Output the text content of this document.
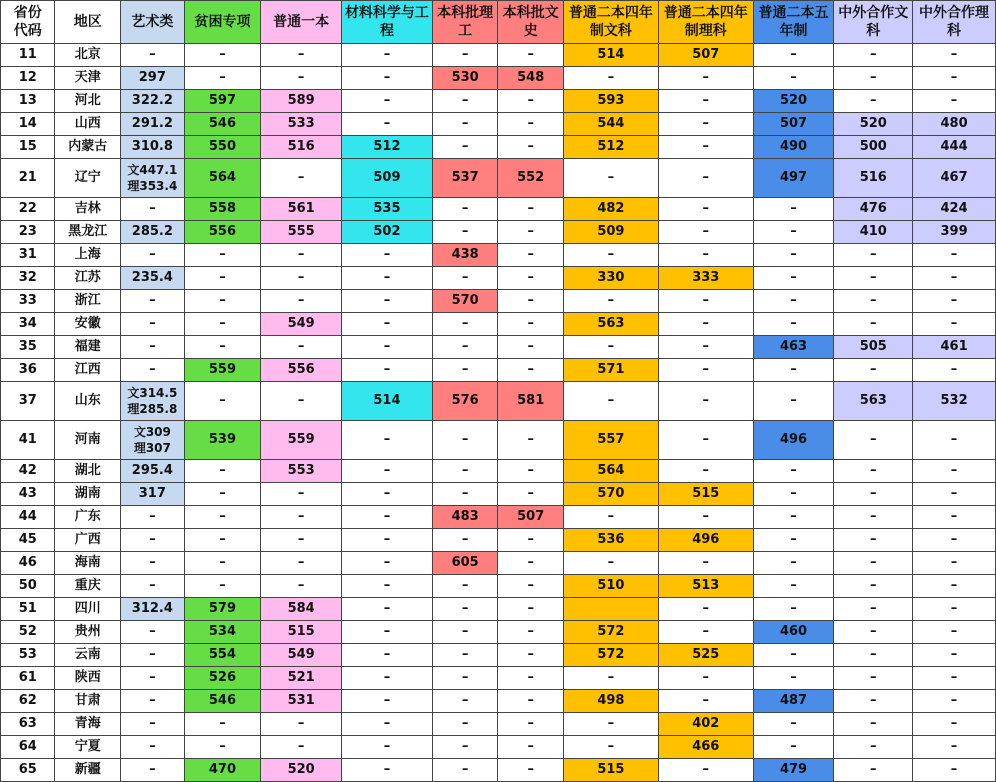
省份
代码	地区	艺术类	贫困专项	普通一本	材料科学与工程	本科批理工	本科批文史	普通二本四年制文科	普通二本四年制理科	普通二本五年制	中外合作文科	中外合作理科
11	北京	–	–	–	–	–	–	514	507	–	–	–
12	天津	297	–	–	–	530	548	–	–	–	–	–
13	河北	322.2	597	589	–	–	–	593	–	520	–	–
14	山西	291.2	546	533	–	–	–	544	–	507	520	480
15	内蒙古	310.8	550	516	512	–	–	512	–	490	500	444
21	辽宁	文447.1
理353.4	564	–	509	537	552	–	–	497	516	467
22	吉林	–	558	561	535	–	–	482	–	–	476	424
23	黑龙江	285.2	556	555	502	–	–	509	–	–	410	399
31	上海	–	–	–	–	438	–	–	–	–	–	–
32	江苏	235.4	–	–	–	–	–	330	333	–	–	–
33	浙江	–	–	–	–	570	–	–	–	–	–	–
34	安徽	–	–	549	–	–	–	563	–	–	–	–
35	福建	–	–	–	–	–	–	–	–	463	505	461
36	江西	–	559	556	–	–	–	571	–	–	–	–
37	山东	文314.5
理285.8	–	–	514	576	581	–	–	–	563	532
41	河南	文309
理307	539	559	–	–	–	557	–	496	–	–
42	湖北	295.4	–	553	–	–	–	564	–	–	–	–
43	湖南	317	–	–	–	–	–	570	515	–	–	–
44	广东	–	–	–	–	483	507	–	–	–	–	–
45	广西	–	–	–	–	–	–	536	496	–	–	–
46	海南	–	–	–	–	605	–	–	–	–	–	–
50	重庆	–	–	–	–	–	–	510	513	–	–	–
51	四川	312.4	579	584	–	–	–		–	–	–	–
52	贵州	–	534	515	–	–	–	572	–	460	–	–
53	云南	–	554	549	–	–	–	572	525	–	–	–
61	陕西	–	526	521	–	–	–	–	–	–	–	–
62	甘肃	–	546	531	–	–	–	498	–	487	–	–
63	青海	–	–	–	–	–	–	–	402	–	–	–
64	宁夏	–	–	–	–	–	–	–	466	–	–	–
65	新疆	–	470	520	–	–	–	515	–	479	–	–
